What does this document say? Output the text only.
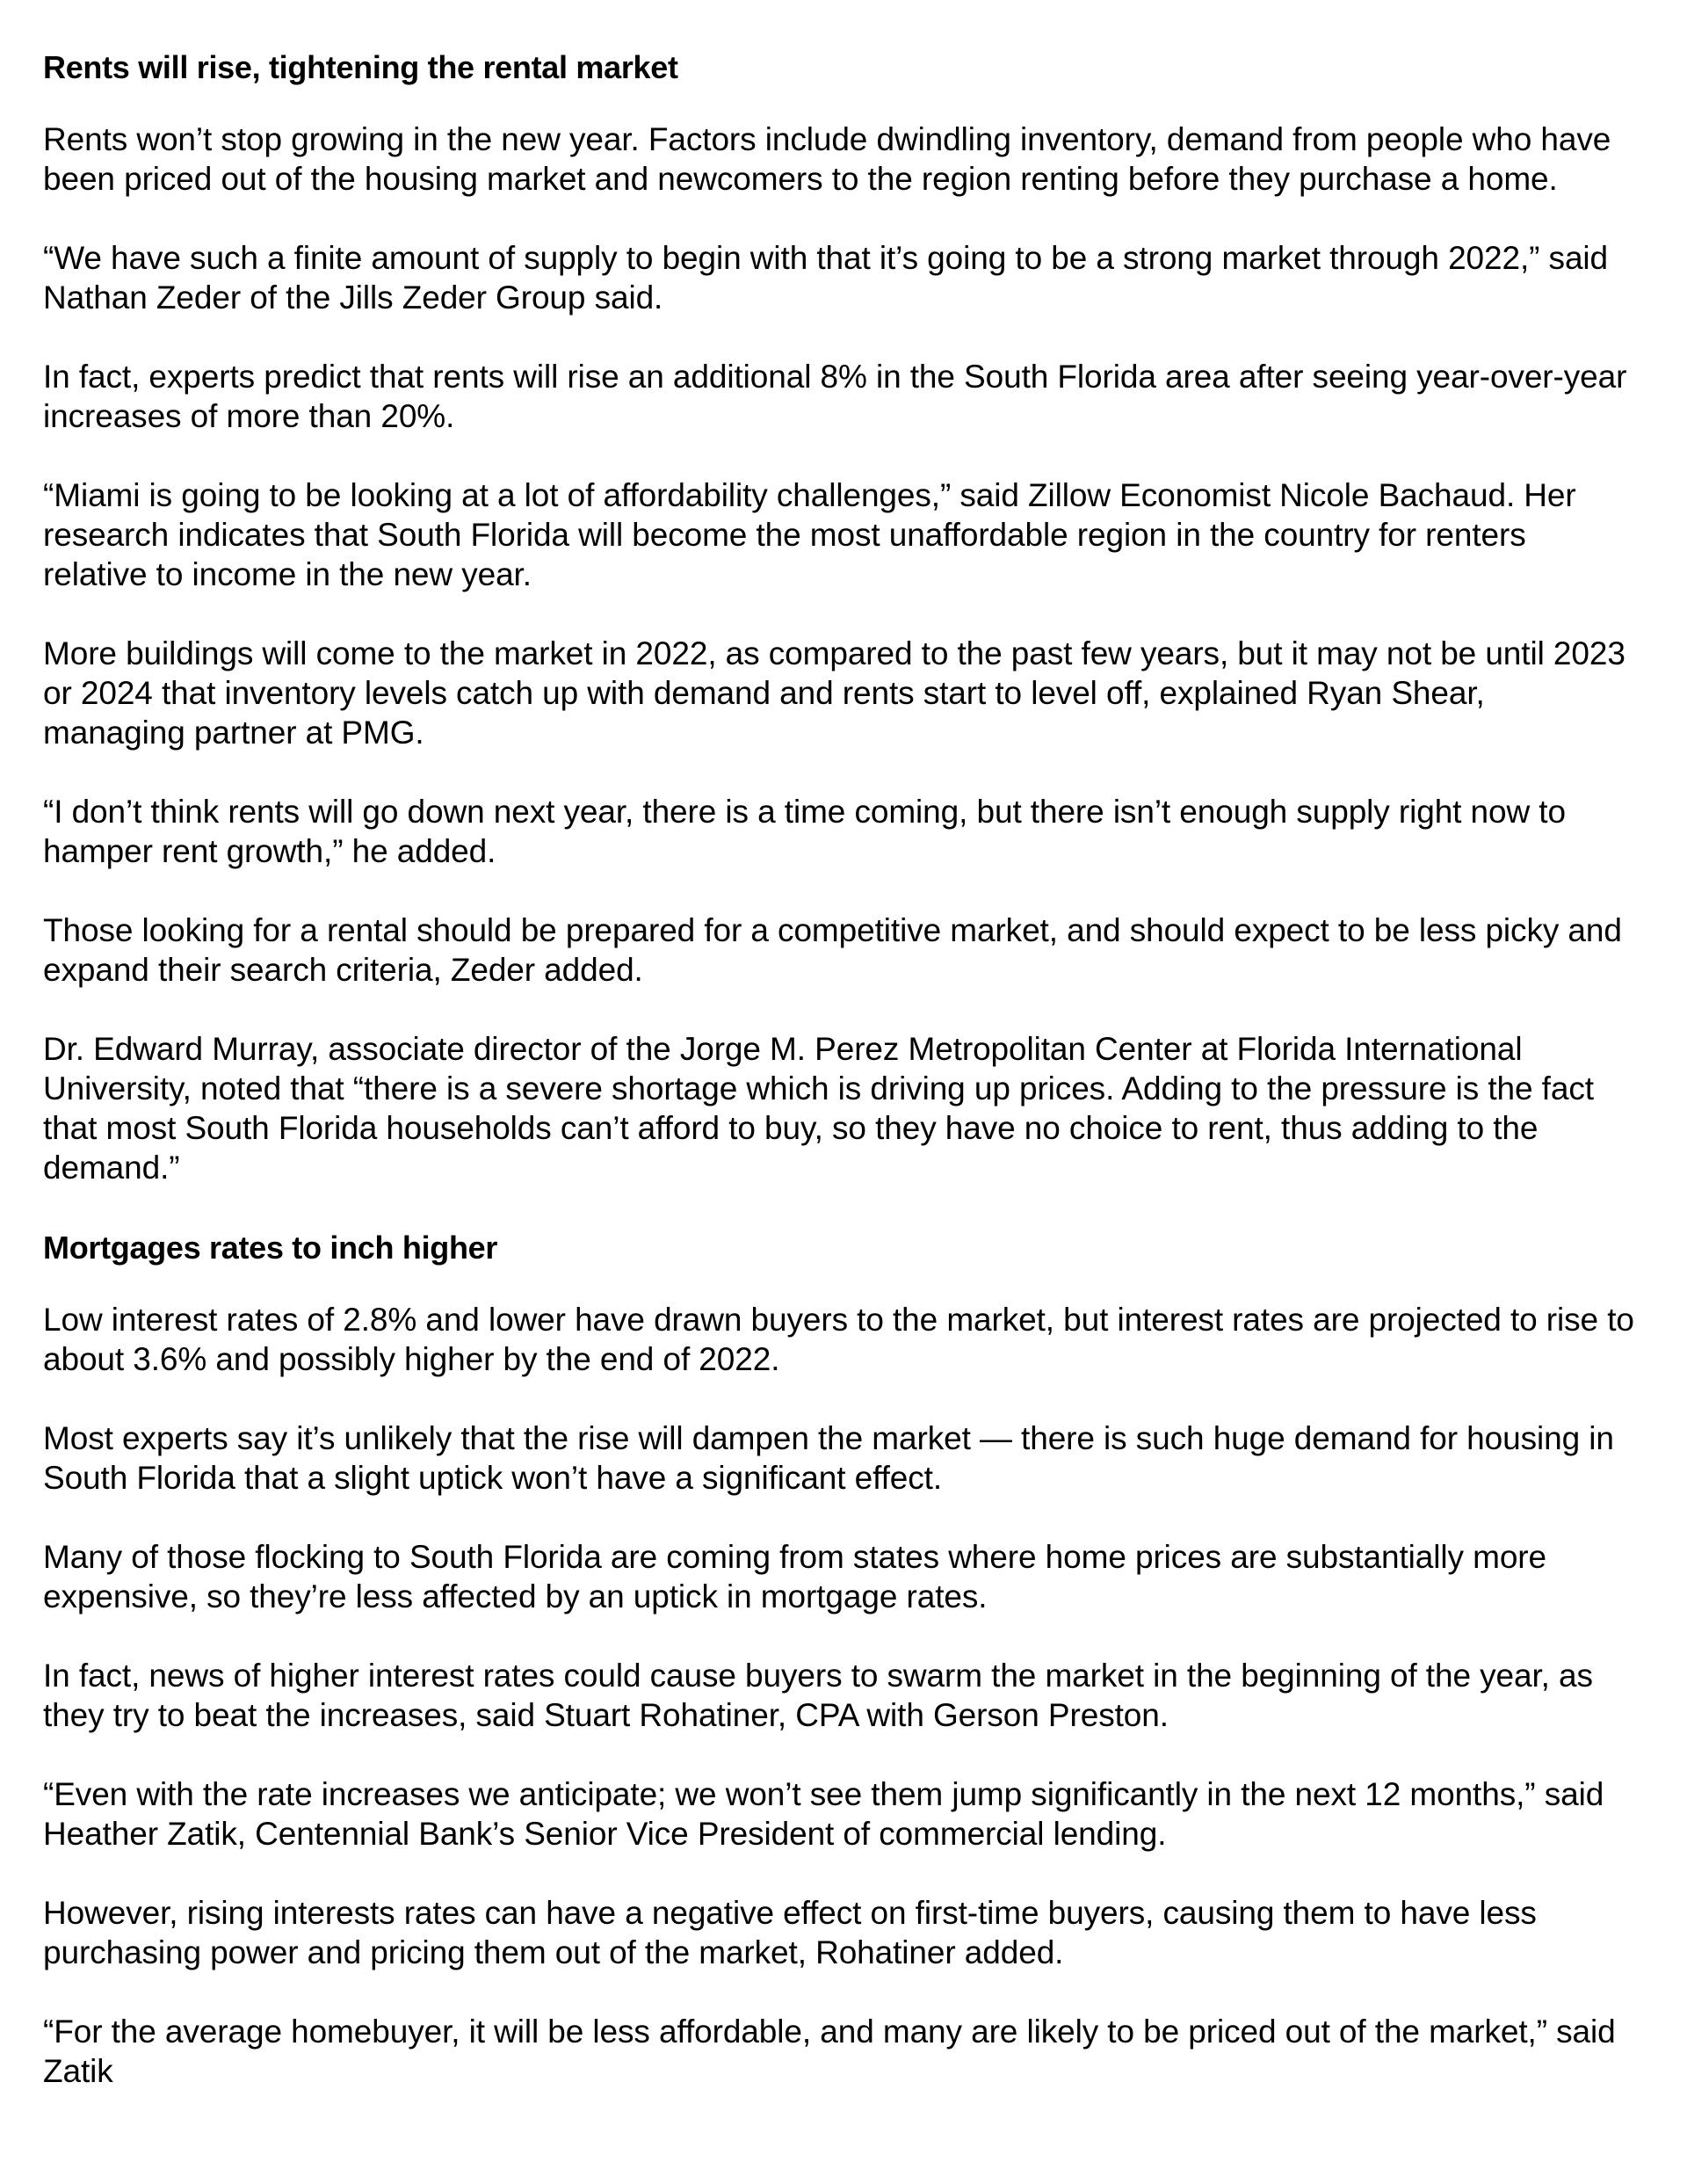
Rents will rise, tightening the rental market

Rents won’t stop growing in the new year. Factors include dwindling inventory, demand from people who have been priced out of the housing market and newcomers to the region renting before they purchase a home.

“We have such a finite amount of supply to begin with that it’s going to be a strong market through 2022,” said Nathan Zeder of the Jills Zeder Group said.

In fact, experts predict that rents will rise an additional 8% in the South Florida area after seeing year-over-year increases of more than 20%.

“Miami is going to be looking at a lot of affordability challenges,” said Zillow Economist Nicole Bachaud. Her research indicates that South Florida will become the most unaffordable region in the country for renters relative to income in the new year.

More buildings will come to the market in 2022, as compared to the past few years, but it may not be until 2023 or 2024 that inventory levels catch up with demand and rents start to level off, explained Ryan Shear, managing partner at PMG.

“I don’t think rents will go down next year, there is a time coming, but there isn’t enough supply right now to hamper rent growth,” he added.

Those looking for a rental should be prepared for a competitive market, and should expect to be less picky and expand their search criteria, Zeder added.

Dr. Edward Murray, associate director of the Jorge M. Perez Metropolitan Center at Florida International University, noted that “there is a severe shortage which is driving up prices. Adding to the pressure is the fact that most South Florida households can’t afford to buy, so they have no choice to rent, thus adding to the demand.”

Mortgages rates to inch higher

Low interest rates of 2.8% and lower have drawn buyers to the market, but interest rates are projected to rise to about 3.6% and possibly higher by the end of 2022.

Most experts say it’s unlikely that the rise will dampen the market — there is such huge demand for housing in South Florida that a slight uptick won’t have a significant effect.

Many of those flocking to South Florida are coming from states where home prices are substantially more expensive, so they’re less affected by an uptick in mortgage rates.

In fact, news of higher interest rates could cause buyers to swarm the market in the beginning of the year, as they try to beat the increases, said Stuart Rohatiner, CPA with Gerson Preston.

“Even with the rate increases we anticipate; we won’t see them jump significantly in the next 12 months,” said Heather Zatik, Centennial Bank’s Senior Vice President of commercial lending.

However, rising interests rates can have a negative effect on first-time buyers, causing them to have less purchasing power and pricing them out of the market, Rohatiner added.

“For the average homebuyer, it will be less affordable, and many are likely to be priced out of the market,” said Zatik
